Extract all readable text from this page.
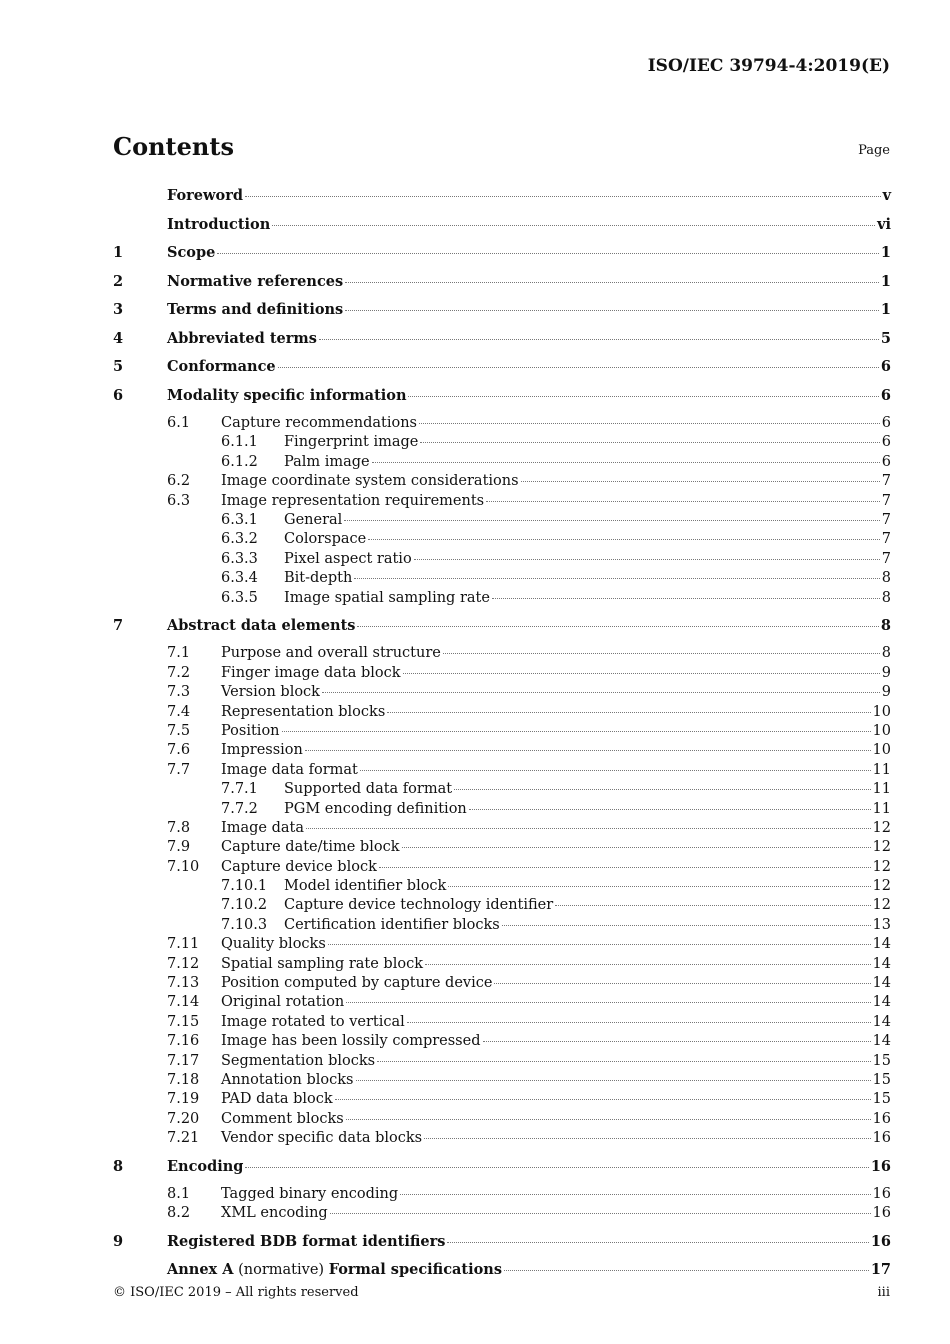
ISO/IEC 39794-4:2019(E)
Contents	Page
Foreword	v
Introduction	vi
1	Scope	1
2	Normative references	1
3	Terms and definitions	1
4	Abbreviated terms	5
5	Conformance	6
6	Modality specific information	6
6.1	Capture recommendations	6
6.1.1	Fingerprint image	6
6.1.2	Palm image	6
6.2	Image coordinate system considerations	7
6.3	Image representation requirements	7
6.3.1	General	7
6.3.2	Colorspace	7
6.3.3	Pixel aspect ratio	7
6.3.4	Bit-depth	8
6.3.5	Image spatial sampling rate	8
7	Abstract data elements	8
7.1	Purpose and overall structure	8
7.2	Finger image data block	9
7.3	Version block	9
7.4	Representation blocks	10
7.5	Position	10
7.6	Impression	10
7.7	Image data format	11
7.7.1	Supported data format	11
7.7.2	PGM encoding definition	11
7.8	Image data	12
7.9	Capture date/time block	12
7.10	Capture device block	12
7.10.1	Model identifier block	12
7.10.2	Capture device technology identifier	12
7.10.3	Certification identifier blocks	13
7.11	Quality blocks	14
7.12	Spatial sampling rate block	14
7.13	Position computed by capture device	14
7.14	Original rotation	14
7.15	Image rotated to vertical	14
7.16	Image has been lossily compressed	14
7.17	Segmentation blocks	15
7.18	Annotation blocks	15
7.19	PAD data block	15
7.20	Comment blocks	16
7.21	Vendor specific data blocks	16
8	Encoding	16
8.1	Tagged binary encoding	16
8.2	XML encoding	16
9	Registered BDB format identifiers	16
Annex A (normative) Formal specifications	17
© ISO/IEC 2019 – All rights reserved	iii
